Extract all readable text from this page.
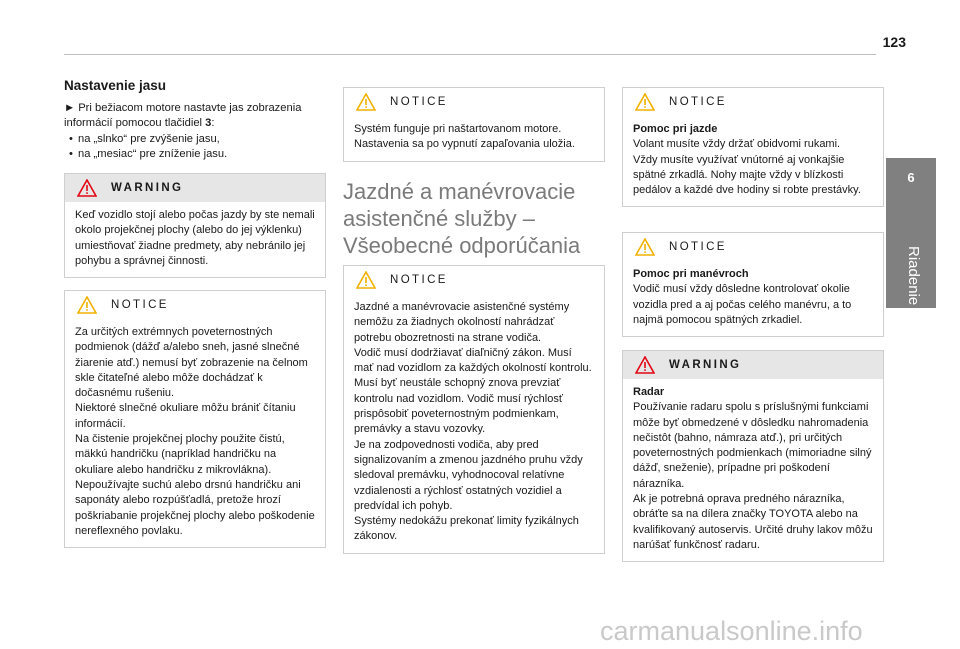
123
6
Riadenie
Nastavenie jasu
► Pri bežiacom motore nastavte jas zobrazenia informácií pomocou tlačidiel 3:
• na „slnko“ pre zvýšenie jasu,
• na „mesiac“ pre zníženie jasu.
WARNING
Keď vozidlo stojí alebo počas jazdy by ste nemali okolo projekčnej plochy (alebo do jej výklenku) umiestňovať žiadne predmety, aby nebránilo jej pohybu a správnej činnosti.
NOTICE
Za určitých extrémnych poveternostných podmienok (dážď a/alebo sneh, jasné slnečné žiarenie atď.) nemusí byť zobrazenie na čelnom skle čitateľné alebo môže dochádzať k dočasnému rušeniu.
Niektoré slnečné okuliare môžu brániť čítaniu informácií.
Na čistenie projekčnej plochy použite čistú, mäkkú handričku (napríklad handričku na okuliare alebo handričku z mikrovlákna). Nepoužívajte suchú alebo drsnú handričku ani saponáty alebo rozpúšťadlá, pretože hrozí poškriabanie projekčnej plochy alebo poškodenie nereflexného povlaku.
NOTICE
Systém funguje pri naštartovanom motore. Nastavenia sa po vypnutí zapaľovania uložia.
Jazdné a manévrovacie asistenčné služby – Všeobecné odporúčania
NOTICE
Jazdné a manévrovacie asistenčné systémy nemôžu za žiadnych okolností nahrádzať potrebu obozretnosti na strane vodiča.
Vodič musí dodržiavať diaľničný zákon. Musí mať nad vozidlom za každých okolností kontrolu. Musí byť neustále schopný znova prevziať kontrolu nad vozidlom. Vodič musí rýchlosť prispôsobiť poveternostným podmienkam, premávky a stavu vozovky.
Je na zodpovednosti vodiča, aby pred signalizovaním a zmenou jazdného pruhu vždy sledoval premávku, vyhodnocoval relatívne vzdialenosti a rýchlosť ostatných vozidiel a predvídal ich pohyb.
Systémy nedokážu prekonať limity fyzikálnych zákonov.
NOTICE
Pomoc pri jazde
Volant musíte vždy držať obidvomi rukami.
Vždy musíte využívať vnútorné aj vonkajšie spätné zrkadlá. Nohy majte vždy v blízkosti pedálov a každé dve hodiny si robte prestávky.
NOTICE
Pomoc pri manévroch
Vodič musí vždy dôsledne kontrolovať okolie vozidla pred a aj počas celého manévru, a to najmä pomocou spätných zrkadiel.
WARNING
Radar
Používanie radaru spolu s príslušnými funkciami môže byť obmedzené v dôsledku nahromadenia nečistôt (bahno, námraza atď.), pri určitých poveternostných podmienkach (mimoriadne silný dážď, sneženie), prípadne pri poškodení nárazníka.
Ak je potrebná oprava predného nárazníka, obráťte sa na dílera značky TOYOTA alebo na kvalifikovaný autoservis. Určité druhy lakov môžu narúšať funkčnosť radaru.
carmanualsonline.info
